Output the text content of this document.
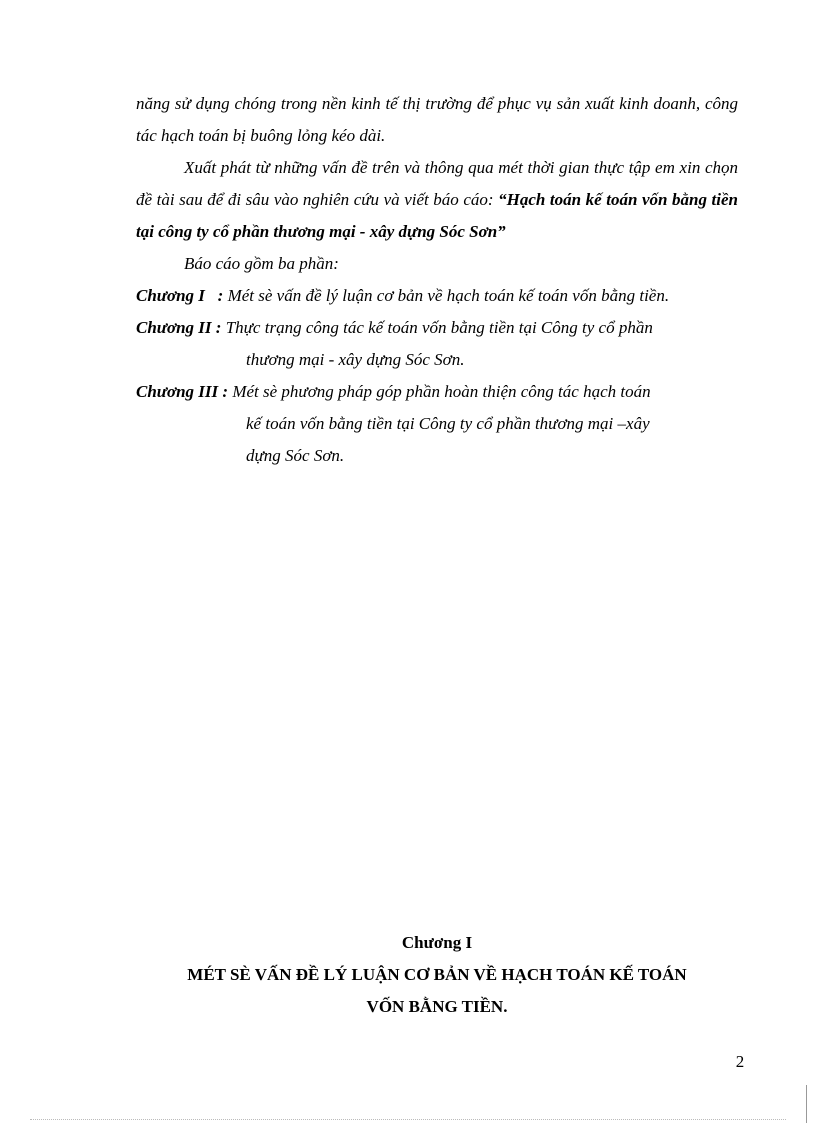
năng sử dụng chóng trong nền kinh tế thị trường để phục vụ sản xuất kinh doanh, công tác hạch toán bị buông lỏng kéo dài.

Xuất phát từ những vấn đề trên và thông qua mét thời gian thực tập em xin chọn đề tài sau để đi sâu vào nghiên cứu và viết báo cáo: “Hạch toán kế toán vốn bằng tiền tại công ty cổ phần thương mại - xây dựng Sóc Sơn”

Báo cáo gồm ba phần:

Chương I   : Mét sè vấn đề lý luận cơ bản về hạch toán kế toán vốn bằng tiền.
Chương II : Thực trạng công tác kế toán vốn bằng tiền tại Công ty cổ phần
thương mại - xây dựng Sóc Sơn.
Chương III : Mét sè phương pháp góp phần hoàn thiện công tác hạch toán
kế toán vốn bằng tiền tại Công ty cổ phần thương mại –xây
dựng Sóc Sơn.
Chương I
MÉT SÈ VẤN ĐỀ LÝ LUẬN CƠ BẢN VỀ HẠCH TOÁN KẾ TOÁN
VỐN BẰNG TIỀN.
2
